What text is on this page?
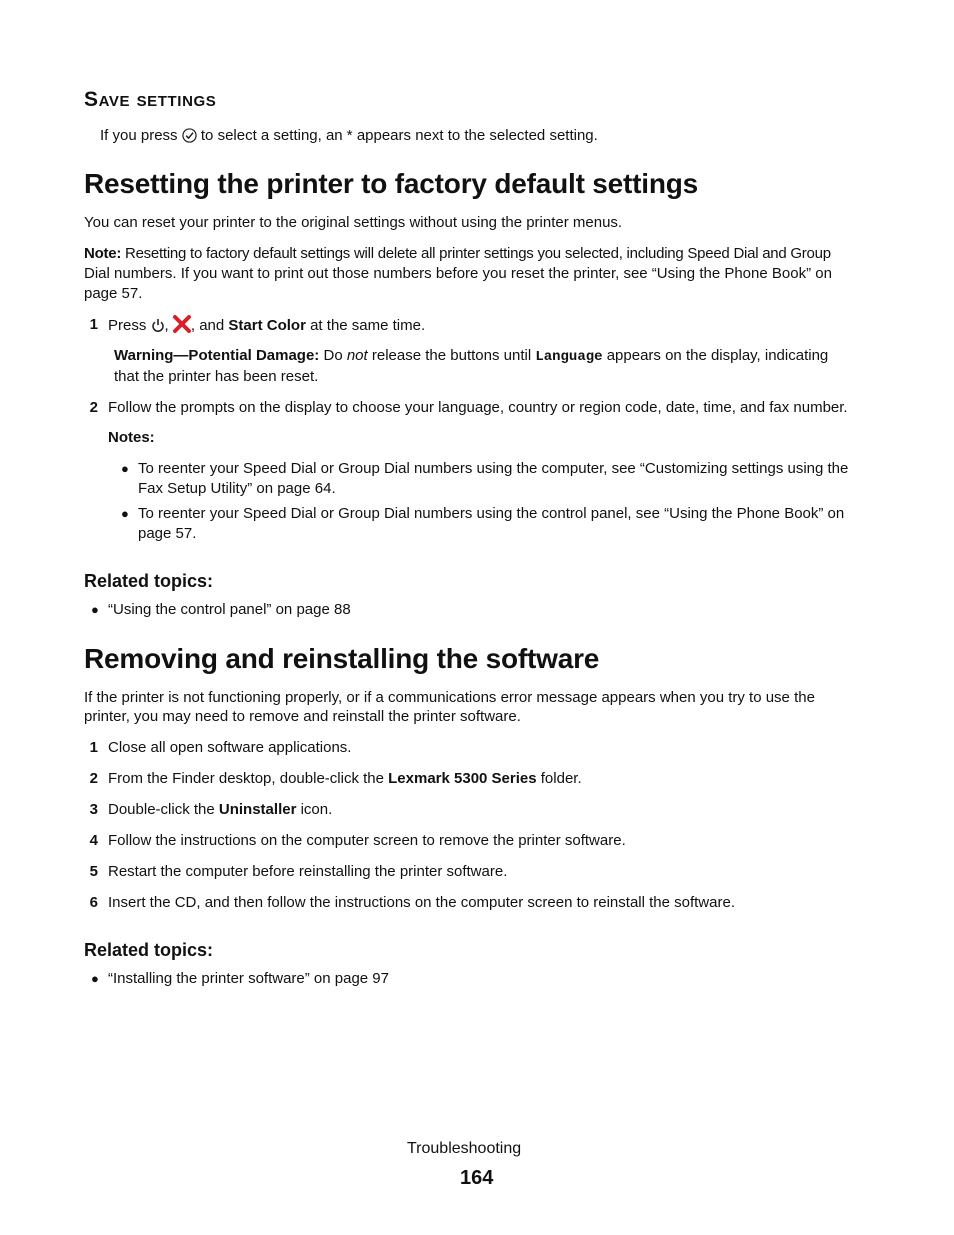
Save settings
If you press to select a setting, an * appears next to the selected setting.
Resetting the printer to factory default settings
You can reset your printer to the original settings without using the printer menus.
Note: Resetting to factory default settings will delete all printer settings you selected, including Speed Dial and Group
Dial numbers. If you want to print out those numbers before you reset the printer, see “Using the Phone Book” on
page 57.
1 Press , , and Start Color at the same time.
Warning—Potential Damage: Do not release the buttons until Language appears on the display, indicating
that the printer has been reset.
2 Follow the prompts on the display to choose your language, country or region code, date, time, and fax number.
Notes:
● To reenter your Speed Dial or Group Dial numbers using the computer, see “Customizing settings using the
Fax Setup Utility” on page 64.
● To reenter your Speed Dial or Group Dial numbers using the control panel, see “Using the Phone Book” on
page 57.
Related topics:
● “Using the control panel” on page 88
Removing and reinstalling the software
If the printer is not functioning properly, or if a communications error message appears when you try to use the
printer, you may need to remove and reinstall the printer software.
1 Close all open software applications.
2 From the Finder desktop, double-click the Lexmark 5300 Series folder.
3 Double-click the Uninstaller icon.
4 Follow the instructions on the computer screen to remove the printer software.
5 Restart the computer before reinstalling the printer software.
6 Insert the CD, and then follow the instructions on the computer screen to reinstall the software.
Related topics:
● “Installing the printer software” on page 97
Troubleshooting
164
